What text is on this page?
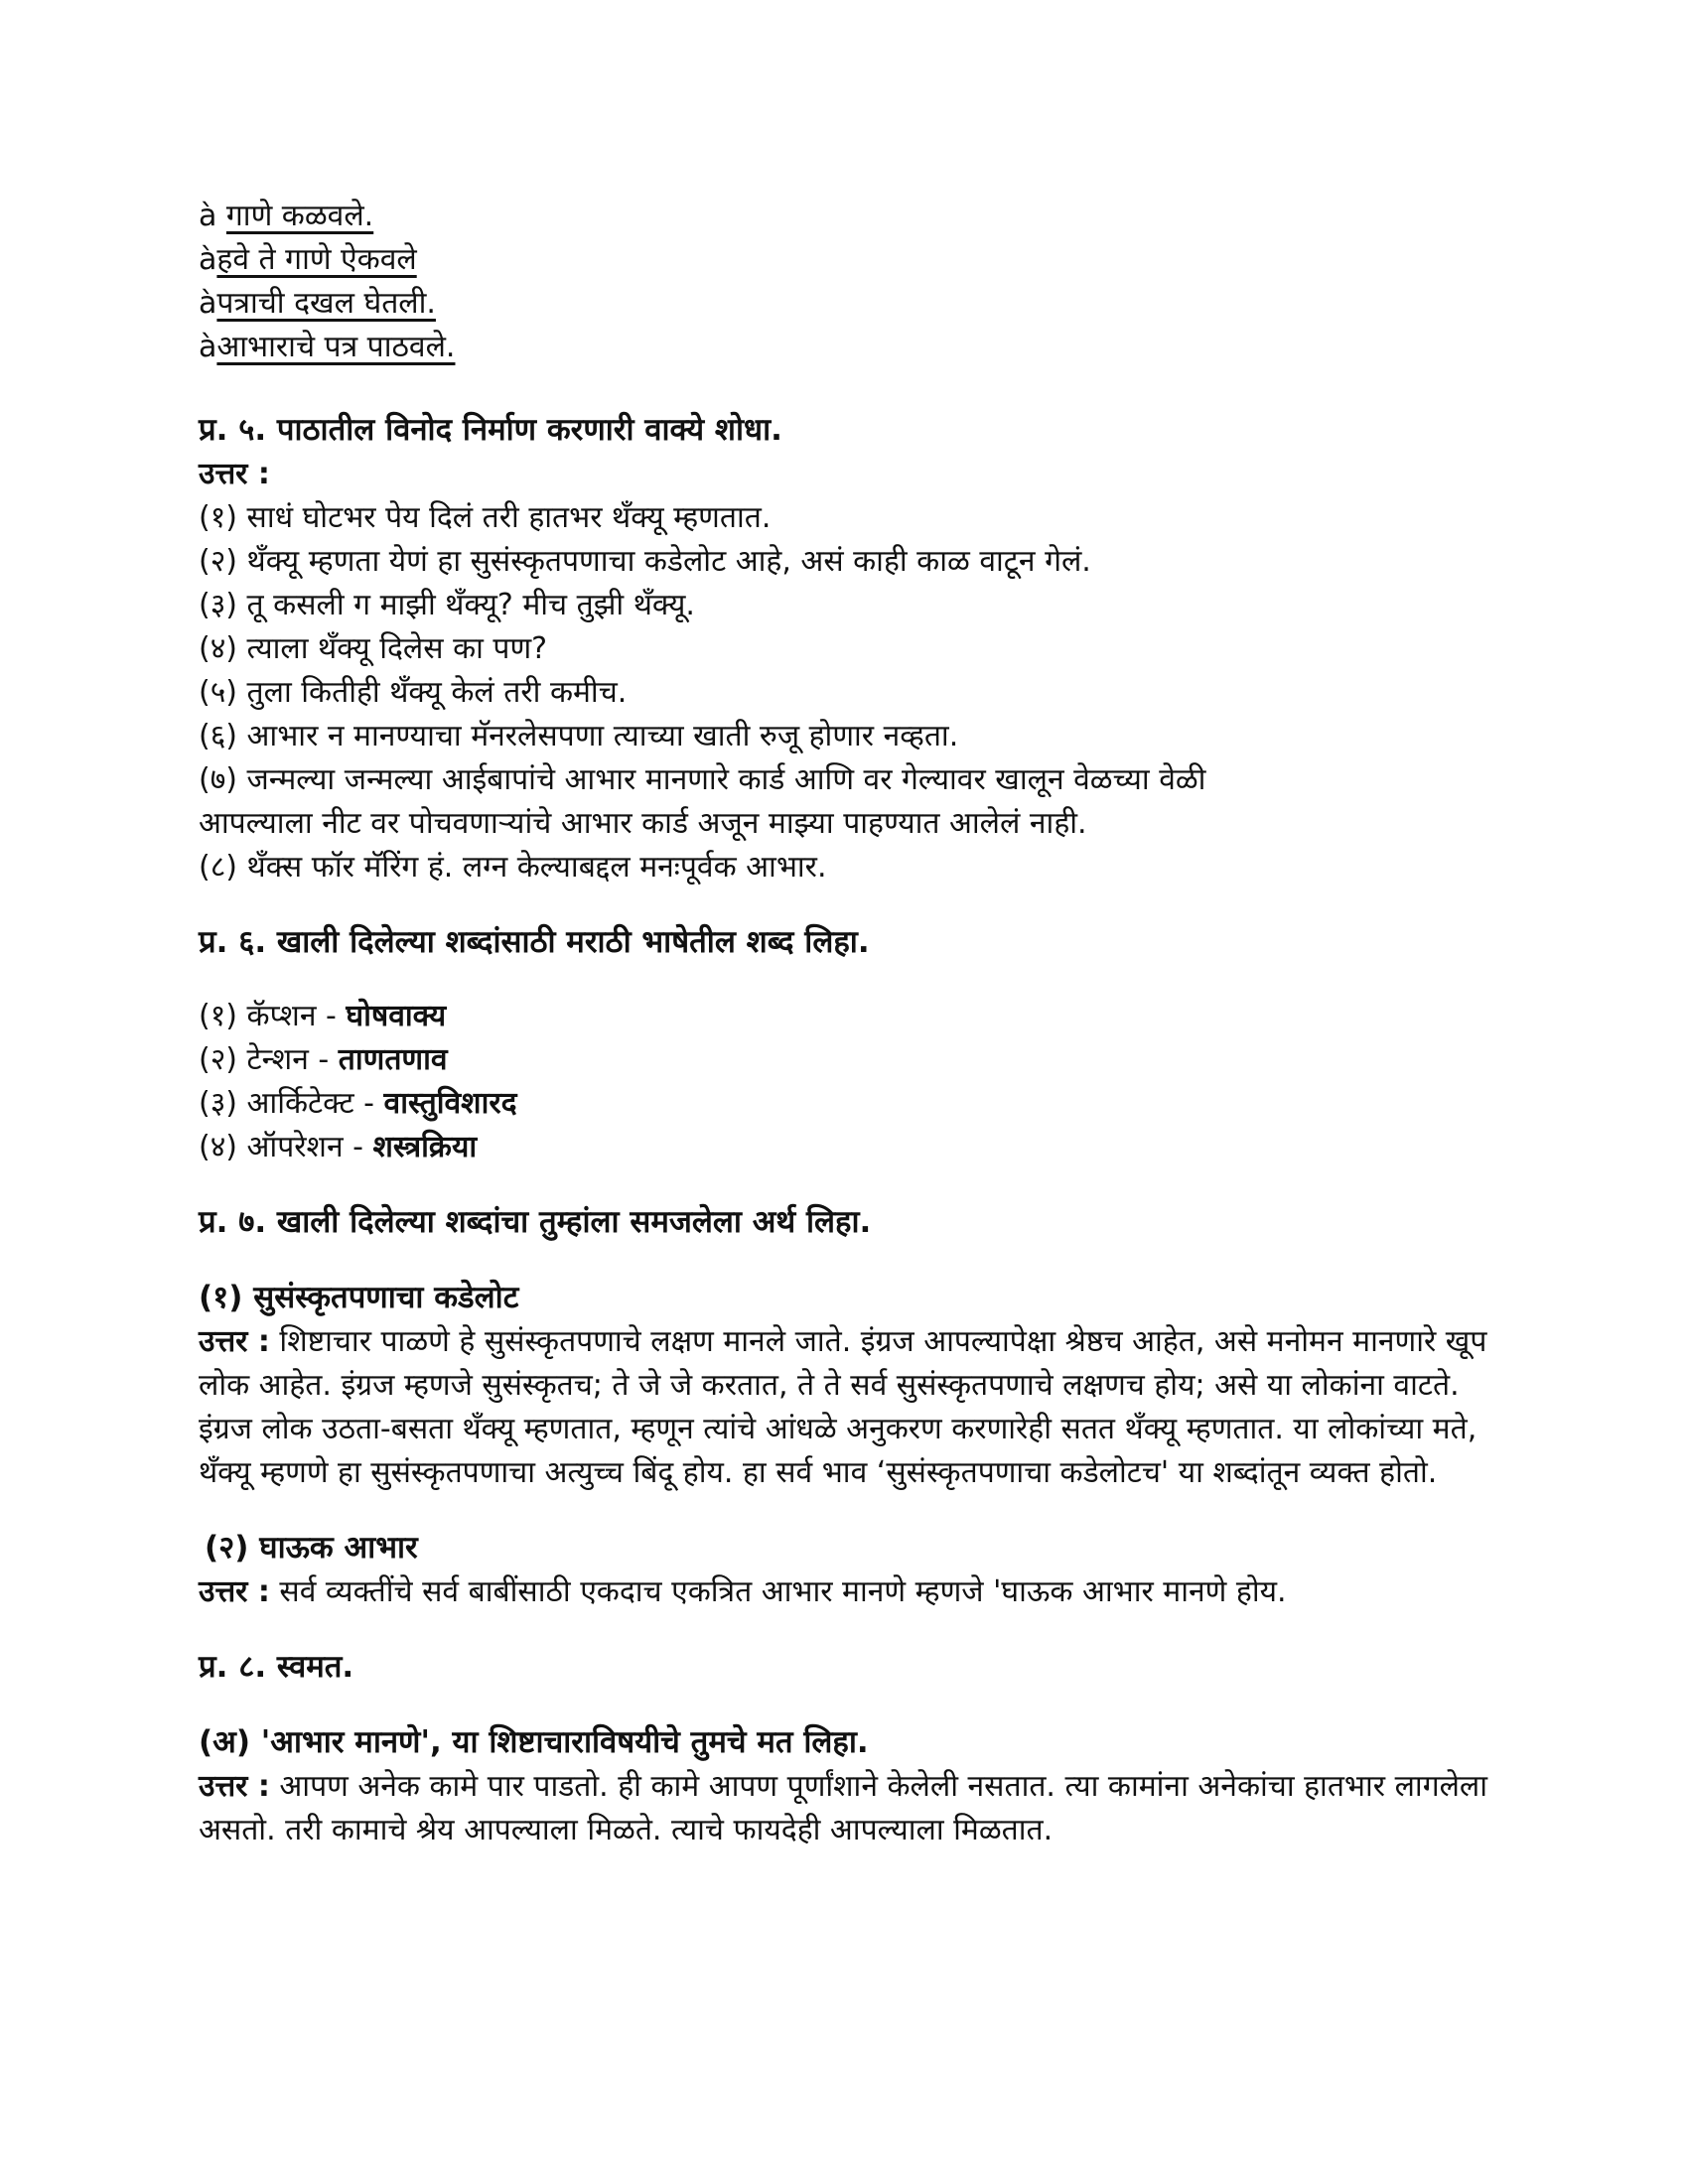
à गाणे कळवले.
àहवे ते गाणे ऐकवले
àपत्राची दखल घेतली.
àआभाराचे पत्र पाठवले.
प्र. ५. पाठातील विनोद निर्माण करणारी वाक्ये शोधा.
उत्तर :
(१) साधं घोटभर पेय दिलं तरी हातभर थँक्यू म्हणतात.
(२) थँक्यू म्हणता येणं हा सुसंस्कृतपणाचा कडेलोट आहे, असं काही काळ वाटून गेलं.
(३) तू कसली ग माझी थँक्यू? मीच तुझी थँक्यू.
(४) त्याला थँक्यू दिलेस का पण?
(५) तुला कितीही थँक्यू केलं तरी कमीच.
(६) आभार न मानण्याचा मॅनरलेसपणा त्याच्या खाती रुजू होणार नव्हता.
(७) जन्मल्या जन्मल्या आईबापांचे आभार मानणारे कार्ड आणि वर गेल्यावर खालून वेळच्या वेळी
आपल्याला नीट वर पोचवणाऱ्यांचे आभार कार्ड अजून माझ्या पाहण्यात आलेलं नाही.
(८) थँक्स फॉर मॅरिंग हं. लग्न केल्याबद्दल मनःपूर्वक आभार.
प्र. ६. खाली दिलेल्या शब्दांसाठी मराठी भाषेतील शब्द लिहा.
(१) कॅप्शन - घोषवाक्य
(२) टेन्शन - ताणतणाव
(३) आर्किटेक्ट - वास्तुविशारद
(४) ऑपरेशन - शस्त्रक्रिया
प्र. ७. खाली दिलेल्या शब्दांचा तुम्हांला समजलेला अर्थ लिहा.
(१) सुसंस्कृतपणाचा कडेलोट
उत्तर : शिष्टाचार पाळणे हे सुसंस्कृतपणाचे लक्षण मानले जाते. इंग्रज आपल्यापेक्षा श्रेष्ठच आहेत, असे मनोमन मानणारे खूप लोक आहेत. इंग्रज म्हणजे सुसंस्कृतच; ते जे जे करतात, ते ते सर्व सुसंस्कृतपणाचे लक्षणच होय; असे या लोकांना वाटते. इंग्रज लोक उठता-बसता थँक्यू म्हणतात, म्हणून त्यांचे आंधळे अनुकरण करणारेही सतत थँक्यू म्हणतात. या लोकांच्या मते, थँक्यू म्हणणे हा सुसंस्कृतपणाचा अत्युच्च बिंदू होय. हा सर्व भाव ‘सुसंस्कृतपणाचा कडेलोटच' या शब्दांतून व्यक्त होतो.
(२) घाऊक आभार
उत्तर : सर्व व्यक्तींचे सर्व बाबींसाठी एकदाच एकत्रित आभार मानणे म्हणजे 'घाऊक आभार मानणे होय.
प्र. ८. स्वमत.
(अ) 'आभार मानणे', या शिष्टाचाराविषयीचे तुमचे मत लिहा.
उत्तर : आपण अनेक कामे पार पाडतो. ही कामे आपण पूर्णांशाने केलेली नसतात. त्या कामांना अनेकांचा हातभार लागलेला असतो. तरी कामाचे श्रेय आपल्याला मिळते. त्याचे फायदेही आपल्याला मिळतात.
